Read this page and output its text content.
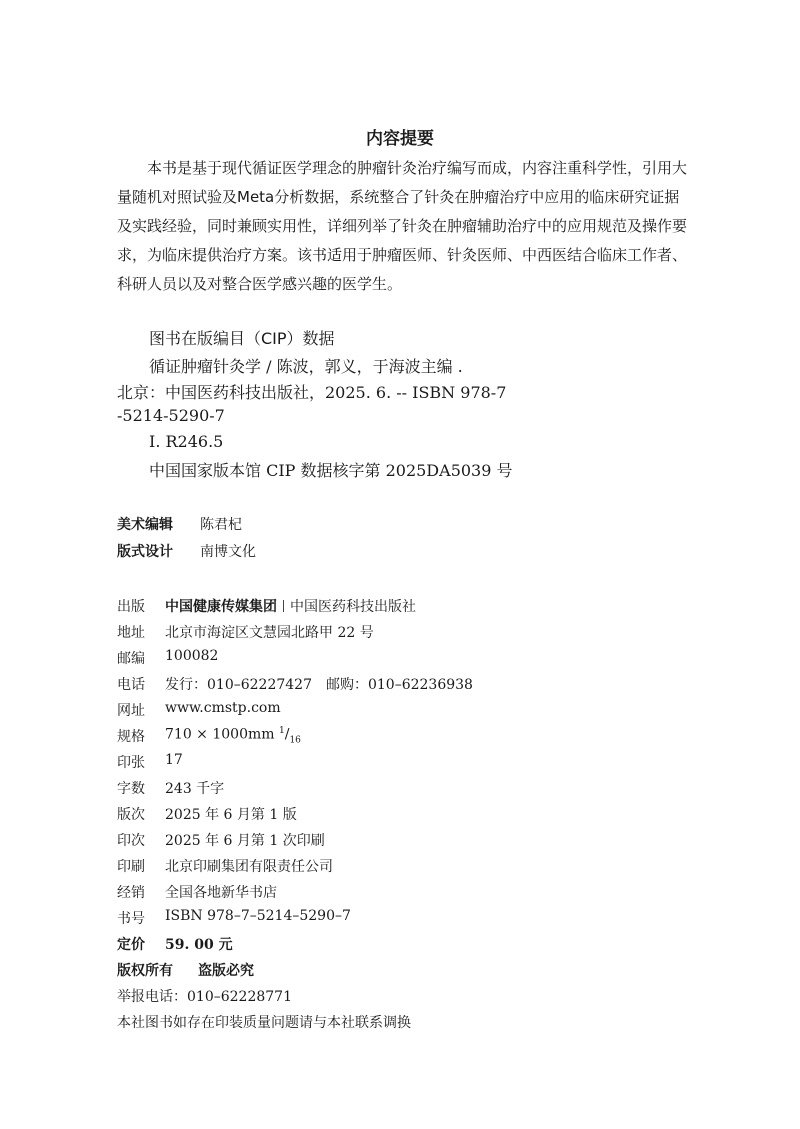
内容提要
本书是基于现代循证医学理念的肿瘤针灸治疗编写而成，内容注重科学性，引用大
量随机对照试验及Meta分析数据，系统整合了针灸在肿瘤治疗中应用的临床研究证据
及实践经验，同时兼顾实用性，详细列举了针灸在肿瘤辅助治疗中的应用规范及操作要
求，为临床提供治疗方案。该书适用于肿瘤医师、针灸医师、中西医结合临床工作者、
科研人员以及对整合医学感兴趣的医学生。
图书在版编目（CIP）数据
循证肿瘤针灸学 / 陈波，郭义，于海波主编 .
北京：中国医药科技出版社，2025. 6. -- ISBN 978-7
-5214-5290-7
Ⅰ. R246.5
中国国家版本馆 CIP 数据核字第 2025DA5039 号
美术编辑 陈君杞
版式设计 南博文化
出版 中国健康传媒集团 中国医药科技出版社
地址 北京市海淀区文慧园北路甲 22 号
邮编 100082
电话 发行：010–62227427　邮购：010–62236938
网址 www.cmstp.com
规格 710 × 1000mm $^1/_{16}$
印张 17
字数 243 千字
版次 2025 年 6 月第 1 版
印次 2025 年 6 月第 1 次印刷
印刷 北京印刷集团有限责任公司
经销 全国各地新华书店
书号 ISBN 978–7–5214–5290–7
定价 59. 00 元
版权所有 盗版必究
举报电话：010–62228771
本社图书如存在印装质量问题请与本社联系调换
